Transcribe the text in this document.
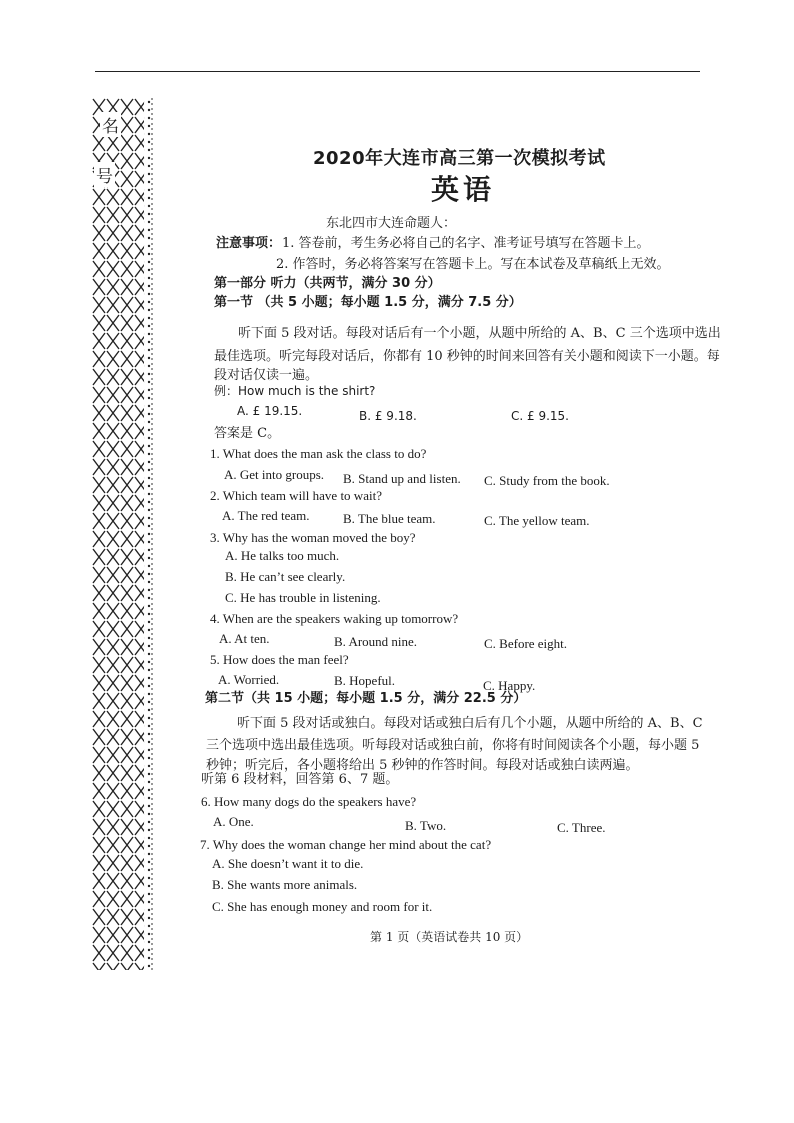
名
号
2020年大连市高三第一次模拟考试
英语
东北四市大连命题人：
注意事项： 1. 答卷前，考生务必将自己的名字、准考证号填写在答题卡上。
2. 作答时，务必将答案写在答题卡上。写在本试卷及草稿纸上无效。
第一部分 听力（共两节，满分 30 分）
第一节 （共 5 小题；每小题 1.5 分，满分 7.5 分）
听下面 5 段对话。每段对话后有一个小题，从题中所给的 A、B、C 三个选项中选出
最佳选项。听完每段对话后，你都有 10 秒钟的时间来回答有关小题和阅读下一小题。每
段对话仅读一遍。
例：How much is the shirt?
A. £ 19.15.	B. £ 9.18.	C. £ 9.15.
答案是 C。
1. What does the man ask the class to do?
A. Get into groups. B. Stand up and listen. C. Study from the book.
2. Which team will have to wait?
A. The red team.	B. The blue team.	C. The yellow team.
3. Why has the woman moved the boy?
A. He talks too much.
B. He can’t see clearly.
C. He has trouble in listening.
4. When are the speakers waking up tomorrow?
A. At ten.	B. Around nine.	C. Before eight.
5. How does the man feel?
A. Worried.	B. Hopeful.	C. Happy.
第二节（共 15 小题；每小题 1.5 分，满分 22.5 分）
听下面 5 段对话或独白。每段对话或独白后有几个小题，从题中所给的 A、B、C
三个选项中选出最佳选项。听每段对话或独白前，你将有时间阅读各个小题，每小题 5
秒钟；听完后，各小题将给出 5 秒钟的作答时间。每段对话或独白读两遍。
听第 6 段材料，回答第 6、7 题。
6. How many dogs do the speakers have?
A. One.	B. Two.	C. Three.
7. Why does the woman change her mind about the cat?
A. She doesn’t want it to die.
B. She wants more animals.
C. She has enough money and room for it.
第 1 页（英语试卷共 10 页）
